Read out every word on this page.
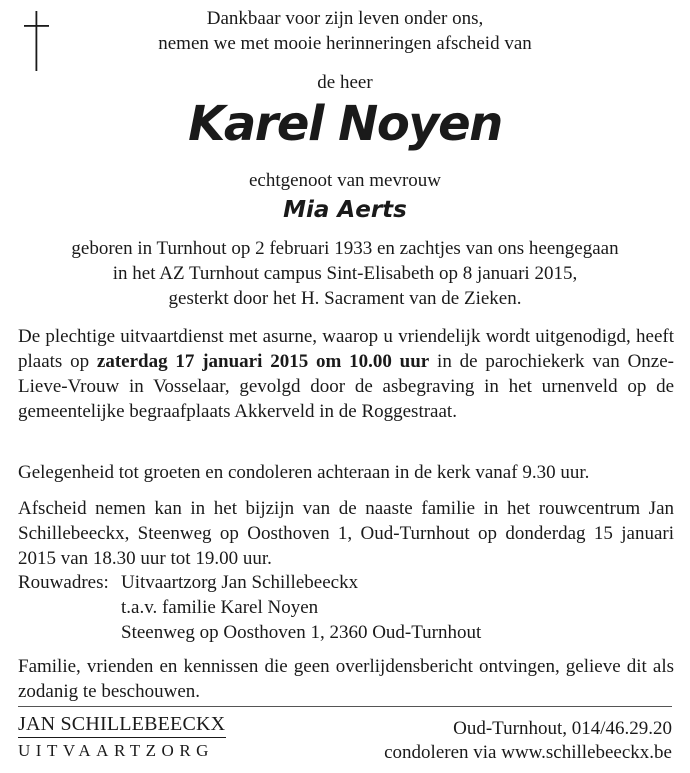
Dankbaar voor zijn leven onder ons,
nemen we met mooie herinneringen afscheid van
de heer
Karel Noyen
echtgenoot van mevrouw
Mia Aerts
geboren in Turnhout op 2 februari 1933 en zachtjes van ons heengegaan
in het AZ Turnhout campus Sint-Elisabeth op 8 januari 2015,
gesterkt door het H. Sacrament van de Zieken.
De plechtige uitvaartdienst met asurne, waarop u vriendelijk wordt uitgenodigd, heeft plaats op zaterdag 17 januari 2015 om 10.00 uur in de parochiekerk van Onze-Lieve-Vrouw in Vosselaar, gevolgd door de asbegraving in het urnenveld op de gemeentelijke begraafplaats Akkerveld in de Roggestraat.
Gelegenheid tot groeten en condoleren achteraan in de kerk vanaf 9.30 uur.
Afscheid nemen kan in het bijzijn van de naaste familie in het rouwcentrum Jan Schillebeeckx, Steenweg op Oosthoven 1, Oud-Turnhout op donderdag 15 januari 2015 van 18.30 uur tot 19.00 uur.
Rouwadres: Uitvaartzorg Jan Schillebeeckx
t.a.v. familie Karel Noyen
Steenweg op Oosthoven 1, 2360 Oud-Turnhout
Familie, vrienden en kennissen die geen overlijdensbericht ontvingen, gelieve dit als zodanig te beschouwen.
JAN SCHILLEBEECKX
UITVAARTZORG
Oud-Turnhout, 014/46.29.20
condoleren via www.schillebeeckx.be
